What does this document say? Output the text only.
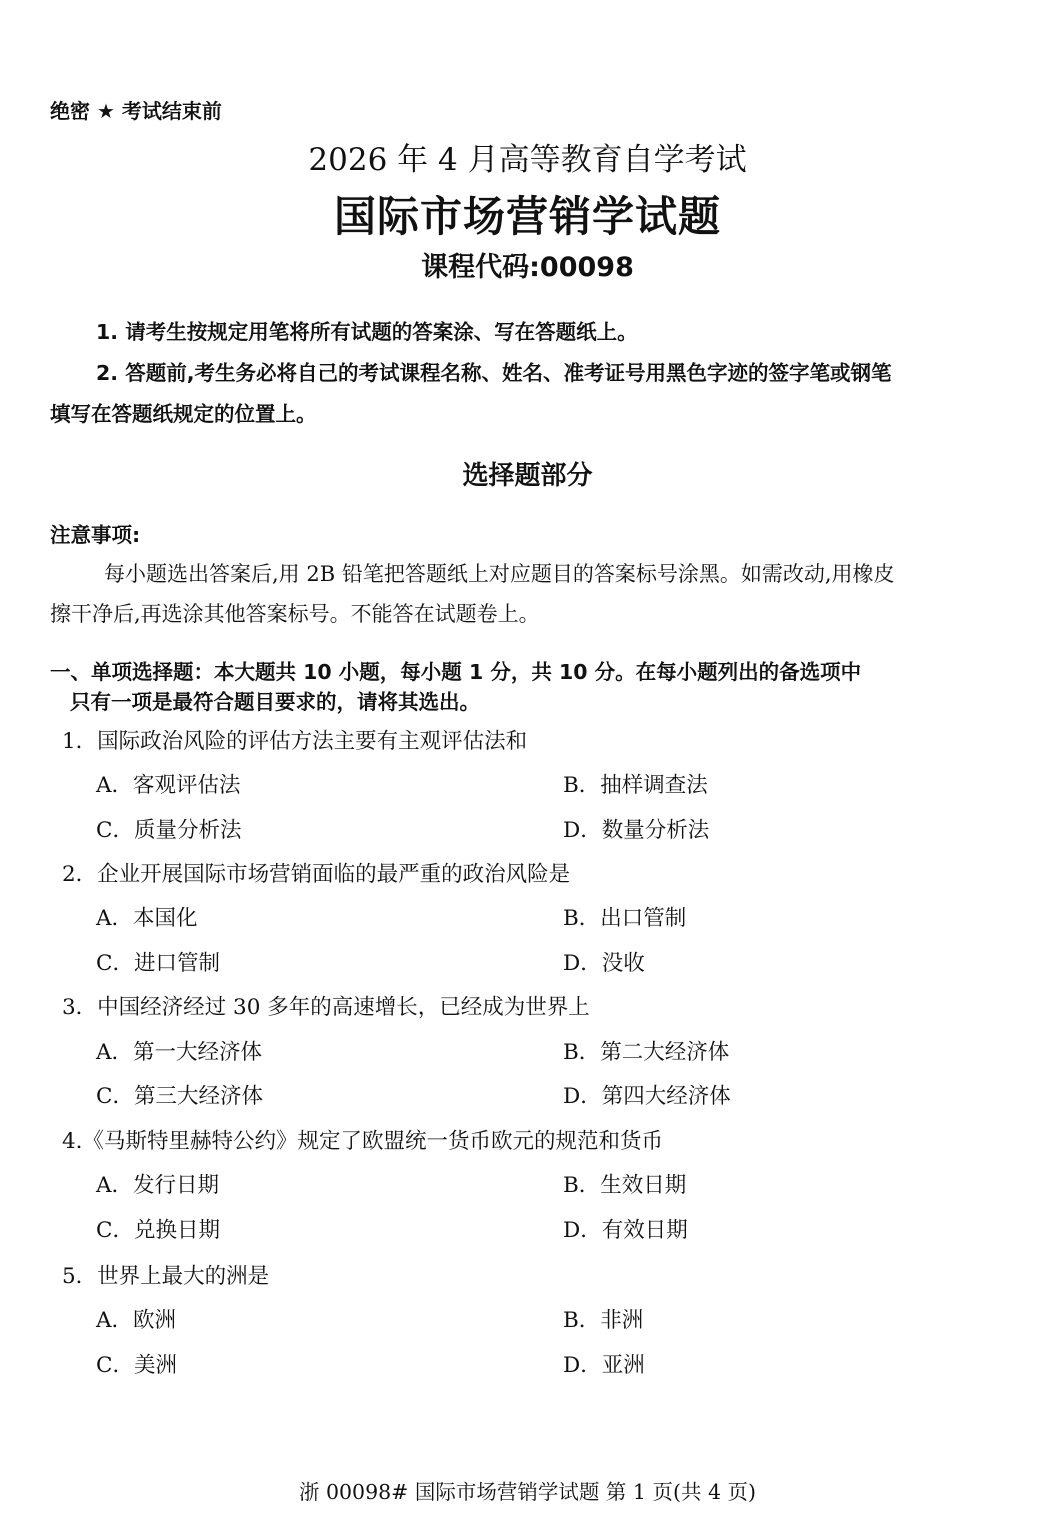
绝密 ★ 考试结束前
2026 年 4 月高等教育自学考试
国际市场营销学试题
课程代码:00098
1. 请考生按规定用笔将所有试题的答案涂、写在答题纸上。
2. 答题前,考生务必将自己的考试课程名称、姓名、准考证号用黑色字迹的签字笔或钢笔
填写在答题纸规定的位置上。
选择题部分
注意事项:
每小题选出答案后,用 2B 铅笔把答题纸上对应题目的答案标号涂黑。如需改动,用橡皮
擦干净后,再选涂其他答案标号。不能答在试题卷上。
一、单项选择题：本大题共 10 小题，每小题 1 分，共 10 分。在每小题列出的备选项中
只有一项是最符合题目要求的，请将其选出。
1．国际政治风险的评估方法主要有主观评估法和
A．客观评估法	B．抽样调查法
C．质量分析法	D．数量分析法
2．企业开展国际市场营销面临的最严重的政治风险是
A．本国化	B．出口管制
C．进口管制	D．没收
3．中国经济经过 30 多年的高速增长，已经成为世界上
A．第一大经济体	B．第二大经济体
C．第三大经济体	D．第四大经济体
4.《马斯特里赫特公约》规定了欧盟统一货币欧元的规范和货币
A．发行日期	B．生效日期
C．兑换日期	D．有效日期
5．世界上最大的洲是
A．欧洲	B．非洲
C．美洲	D．亚洲
浙 00098# 国际市场营销学试题 第 1 页(共 4 页)
